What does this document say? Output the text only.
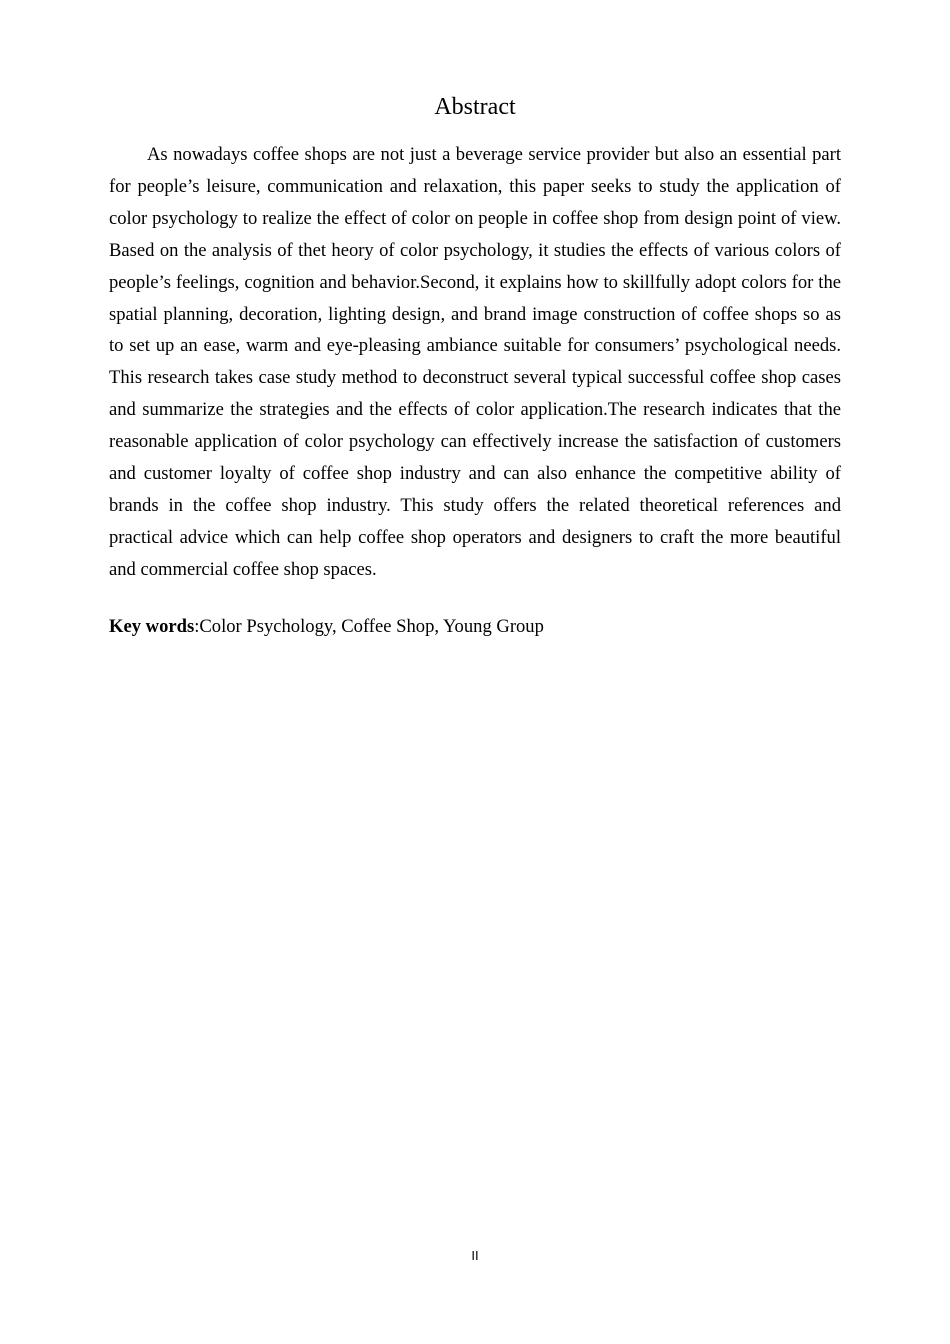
Abstract

As nowadays coffee shops are not just a beverage service provider but also an essential part for people’s leisure, communication and relaxation, this paper seeks to study the application of color psychology to realize the effect of color on people in coffee shop from design point of view. Based on the analysis of thet heory of color psychology, it studies the effects of various colors of people’s feelings, cognition and behavior.Second, it explains how to skillfully adopt colors for the spatial planning, decoration, lighting design, and brand image construction of coffee shops so as to set up an ease, warm and eye-pleasing ambiance suitable for consumers’ psychological needs. This research takes case study method to deconstruct several typical successful coffee shop cases and summarize the strategies and the effects of color application.The research indicates that the reasonable application of color psychology can effectively increase the satisfaction of customers and customer loyalty of coffee shop industry and can also enhance the competitive ability of brands in the coffee shop industry. This study offers the related theoretical references and practical advice which can help coffee shop operators and designers to craft the more beautiful and commercial coffee shop spaces.

Key words:Color Psychology, Coffee Shop, Young Group

II
